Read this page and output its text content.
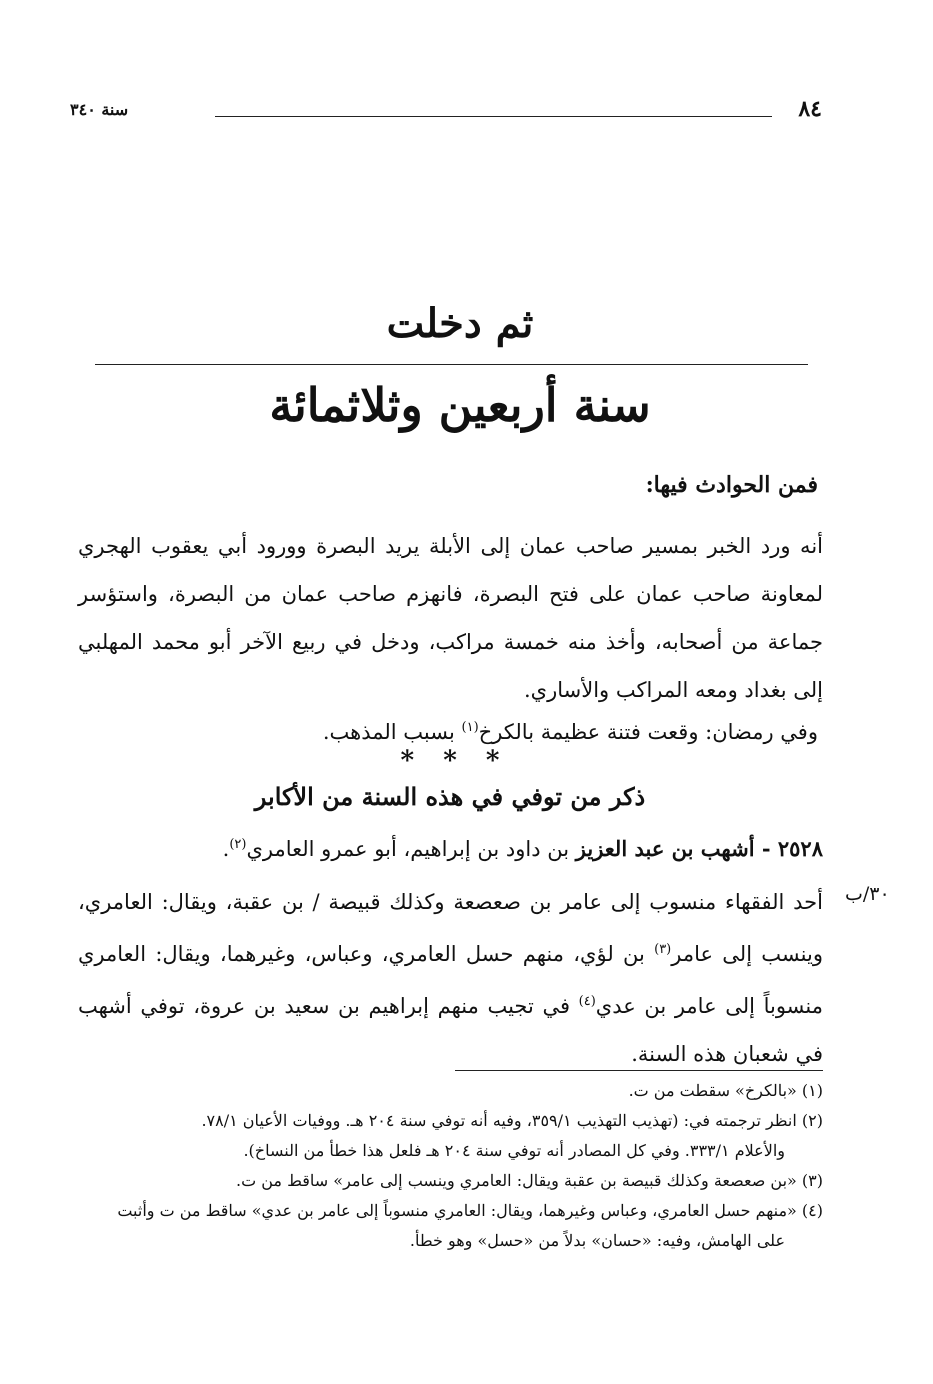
٨٤
سنة ٣٤٠
ثم دخلت
سنة أربعين وثلاثمائة
فمن الحوادث فيها:
أنه ورد الخبر بمسير صاحب عمان إلى الأبلة يريد البصرة وورود أبي يعقوب الهجري لمعاونة صاحب عمان على فتح البصرة، فانهزم صاحب عمان من البصرة، واستؤسر جماعة من أصحابه، وأخذ منه خمسة مراكب، ودخل في ربيع الآخر أبو محمد المهلبي إلى بغداد ومعه المراكب والأساري.
وفي رمضان: وقعت فتنة عظيمة بالكرخ$^{(١)}$ بسبب المذهب.
* * *
ذكر من توفي في هذه السنة من الأكابر
٢٥٢٨ - أشهب بن عبد العزيز بن داود بن إبراهيم، أبو عمرو العامري$^{(٢)}$.
٣٠/ب
أحد الفقهاء منسوب إلى عامر بن صعصعة وكذلك قبيصة / بن عقبة، ويقال: العامري، وينسب إلى عامر$^{(٣)}$ بن لؤي، منهم حسل العامري، وعباس، وغيرهما، ويقال: العامري منسوباً إلى عامر بن عدي$^{(٤)}$ في تجيب منهم إبراهيم بن سعيد بن عروة، توفي أشهب في شعبان هذه السنة.

(١) «بالكرخ» سقطت من ت.

(٢) انظر ترجمته في: (تهذيب التهذيب ٣٥٩/١، وفيه أنه توفي سنة ٢٠٤ هـ. ووفيات الأعيان ٧٨/١.
والأعلام ٣٣٣/١. وفي كل المصادر أنه توفي سنة ٢٠٤ هـ فلعل هذا خطأ من النساخ).

(٣) «بن صعصعة وكذلك قبيصة بن عقبة ويقال: العامري وينسب إلى عامر» ساقط من ت.

(٤) «منهم حسل العامري، وعباس وغيرهما، ويقال: العامري منسوباً إلى عامر بن عدي» ساقط من ت وأثبت
على الهامش، وفيه: «حسان» بدلاً من «حسل» وهو خطأ.
